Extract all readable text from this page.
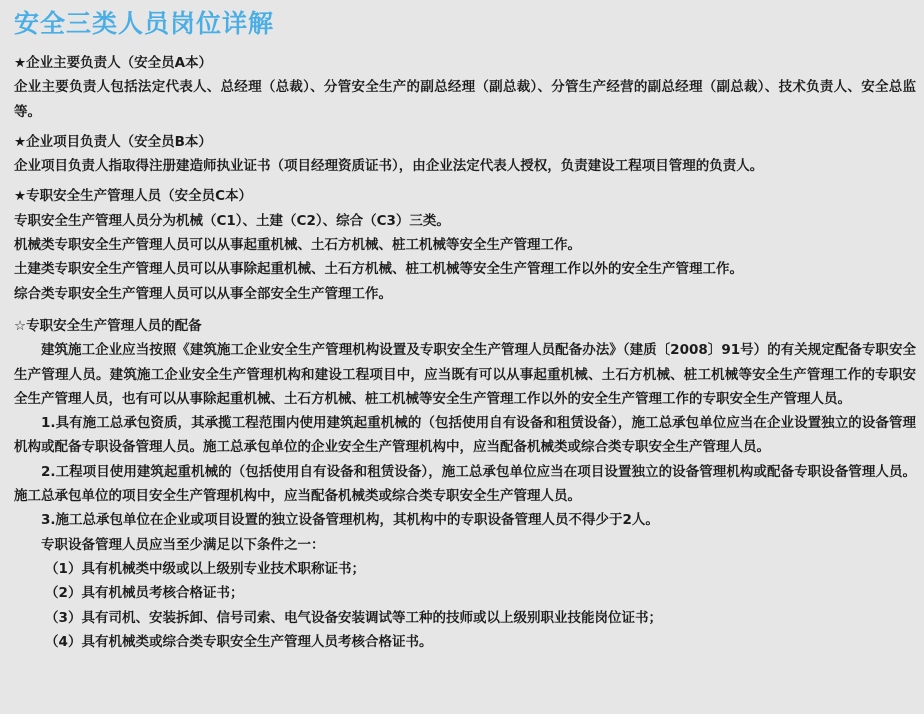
安全三类人员岗位详解

★企业主要负责人（安全员A本）

企业主要负责人包括法定代表人、总经理（总裁）、分管安全生产的副总经理（副总裁）、分管生产经营的副总经理（副总裁）、技术负责人、安全总监等。

★企业项目负责人（安全员B本）

企业项目负责人指取得注册建造师执业证书（项目经理资质证书），由企业法定代表人授权，负责建设工程项目管理的负责人。

★专职安全生产管理人员（安全员C本）

专职安全生产管理人员分为机械（C1）、土建（C2）、综合（C3）三类。

机械类专职安全生产管理人员可以从事起重机械、土石方机械、桩工机械等安全生产管理工作。

土建类专职安全生产管理人员可以从事除起重机械、土石方机械、桩工机械等安全生产管理工作以外的安全生产管理工作。

综合类专职安全生产管理人员可以从事全部安全生产管理工作。

☆专职安全生产管理人员的配备

建筑施工企业应当按照《建筑施工企业安全生产管理机构设置及专职安全生产管理人员配备办法》（建质〔2008〕91号）的有关规定配备专职安全生产管理人员。建筑施工企业安全生产管理机构和建设工程项目中，应当既有可以从事起重机械、土石方机械、桩工机械等安全生产管理工作的专职安全生产管理人员，也有可以从事除起重机械、土石方机械、桩工机械等安全生产管理工作以外的安全生产管理工作的专职安全生产管理人员。

1.具有施工总承包资质，其承揽工程范围内使用建筑起重机械的（包括使用自有设备和租赁设备），施工总承包单位应当在企业设置独立的设备管理机构或配备专职设备管理人员。施工总承包单位的企业安全生产管理机构中，应当配备机械类或综合类专职安全生产管理人员。

2.工程项目使用建筑起重机械的（包括使用自有设备和租赁设备），施工总承包单位应当在项目设置独立的设备管理机构或配备专职设备管理人员。施工总承包单位的项目安全生产管理机构中，应当配备机械类或综合类专职安全生产管理人员。

3.施工总承包单位在企业或项目设置的独立设备管理机构，其机构中的专职设备管理人员不得少于2人。

专职设备管理人员应当至少满足以下条件之一：

（1）具有机械类中级或以上级别专业技术职称证书；

（2）具有机械员考核合格证书；

（3）具有司机、安装拆卸、信号司索、电气设备安装调试等工种的技师或以上级别职业技能岗位证书；

（4）具有机械类或综合类专职安全生产管理人员考核合格证书。
